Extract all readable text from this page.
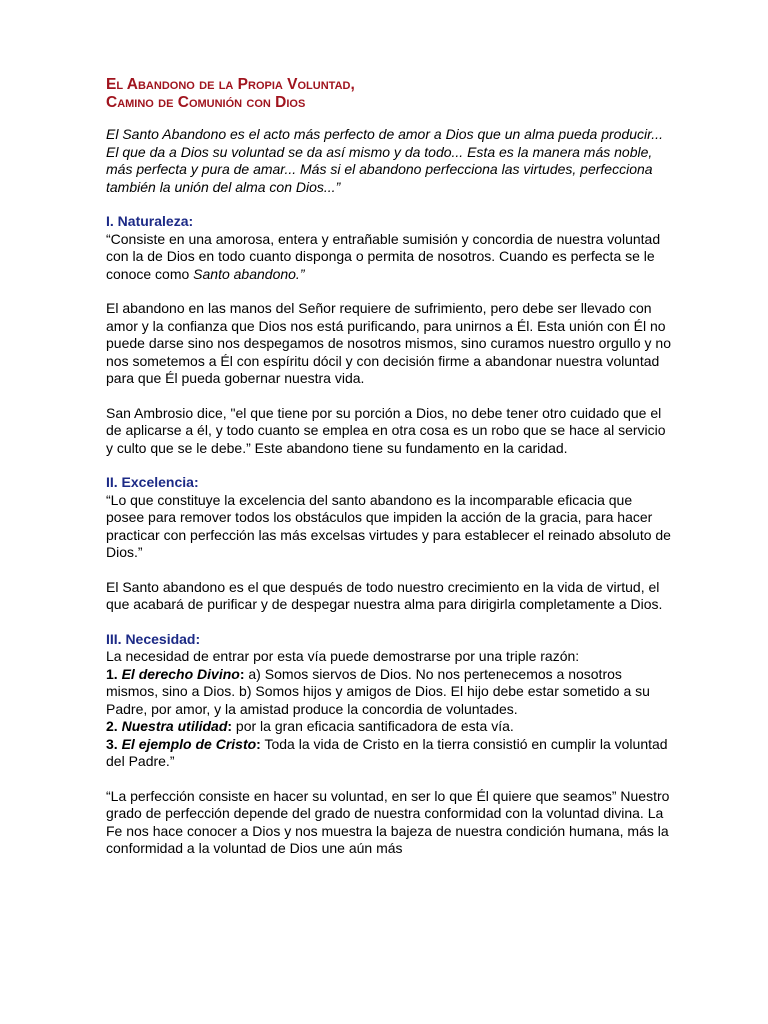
El Abandono de la Propia Voluntad,
Camino de Comunión con Dios

El Santo Abandono es el acto más perfecto de amor a Dios que un alma pueda producir... El que da a Dios su voluntad se da así mismo y da todo... Esta es la manera más noble, más perfecta y pura de amar... Más si el abandono perfecciona las virtudes, perfecciona también la unión del alma con Dios...”

I. Naturaleza:

“Consiste en una amorosa, entera y entrañable sumisión y concordia de nuestra voluntad con la de Dios en todo cuanto disponga o permita de nosotros. Cuando es perfecta se le conoce como Santo abandono.”

El abandono en las manos del Señor requiere de sufrimiento, pero debe ser llevado con amor y la confianza que Dios nos está purificando, para unirnos a Él. Esta unión con Él no puede darse sino nos despegamos de nosotros mismos, sino curamos nuestro orgullo y no nos sometemos a Él con espíritu dócil y con decisión firme a abandonar nuestra voluntad para que Él pueda gobernar nuestra vida.

San Ambrosio dice, "el que tiene por su porción a Dios, no debe tener otro cuidado que el de aplicarse a él, y todo cuanto se emplea en otra cosa es un robo que se hace al servicio y culto que se le debe.” Este abandono tiene su fundamento en la caridad.

II. Excelencia:

“Lo que constituye la excelencia del santo abandono es la incomparable eficacia que posee para remover todos los obstáculos que impiden la acción de la gracia, para hacer practicar con perfección las más excelsas virtudes y para establecer el reinado absoluto de Dios.”

El Santo abandono es el que después de todo nuestro crecimiento en la vida de virtud, el que acabará de purificar y de despegar nuestra alma para dirigirla completamente a Dios.

III. Necesidad:

La necesidad de entrar por esta vía puede demostrarse por una triple razón:

1. El derecho Divino: a) Somos siervos de Dios. No nos pertenecemos a nosotros mismos, sino a Dios. b) Somos hijos y amigos de Dios. El hijo debe estar sometido a su Padre, por amor, y la amistad produce la concordia de voluntades.
2. Nuestra utilidad: por la gran eficacia santificadora de esta vía.
3. El ejemplo de Cristo: Toda la vida de Cristo en la tierra consistió en cumplir la voluntad del Padre.”

“La perfección consiste en hacer su voluntad, en ser lo que Él quiere que seamos” Nuestro grado de perfección depende del grado de nuestra conformidad con la voluntad divina. La Fe nos hace conocer a Dios y nos muestra la bajeza de nuestra condición humana, más la conformidad a la voluntad de Dios une aún más
